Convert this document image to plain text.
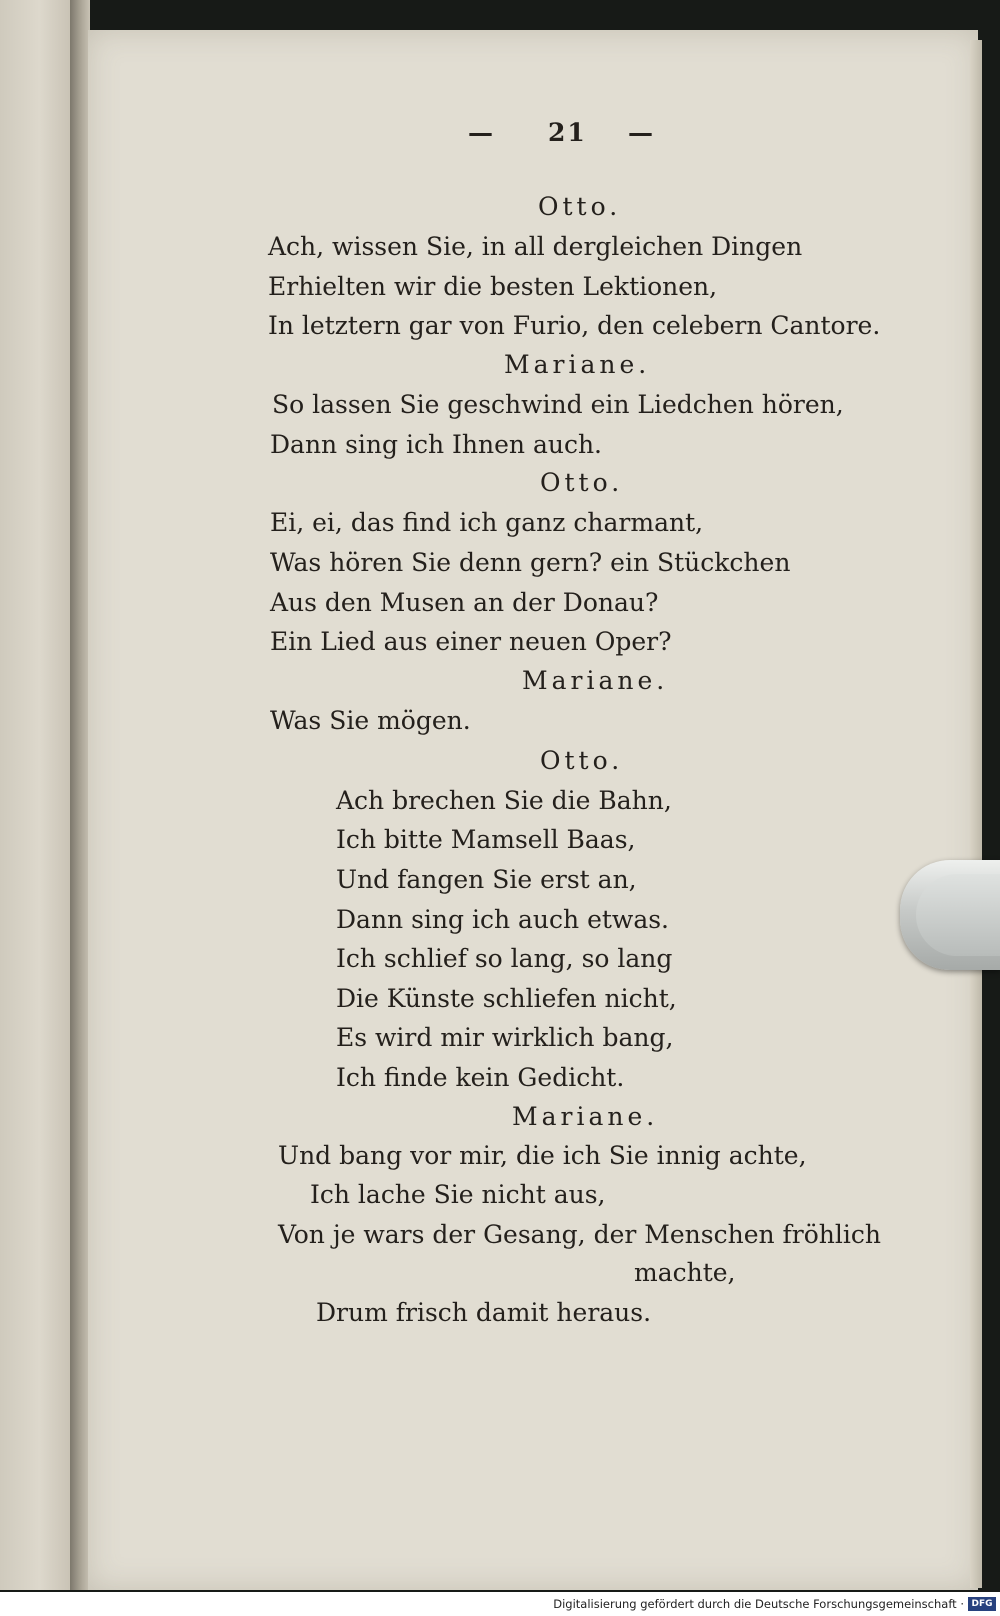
— 21 —
Otto.
Ach, wissen Sie, in all dergleichen Dingen
Erhielten wir die besten Lektionen,
In letztern gar von Furio, den celebern Cantore.
Mariane.
So lassen Sie geschwind ein Liedchen hören,
Dann sing ich Ihnen auch.
Otto.
Ei, ei, das find ich ganz charmant,
Was hören Sie denn gern? ein Stückchen
Aus den Musen an der Donau?
Ein Lied aus einer neuen Oper?
Mariane.
Was Sie mögen.
Otto.
Ach brechen Sie die Bahn,
Ich bitte Mamsell Baas,
Und fangen Sie erst an,
Dann sing ich auch etwas.
Ich schlief so lang, so lang
Die Künste schliefen nicht,
Es wird mir wirklich bang,
Ich finde kein Gedicht.
Mariane.
Und bang vor mir, die ich Sie innig achte,
Ich lache Sie nicht aus,
Von je wars der Gesang, der Menschen fröhlich
machte,
Drum frisch damit heraus.
Digitalisierung gefördert durch die Deutsche Forschungsgemeinschaft · DFG
